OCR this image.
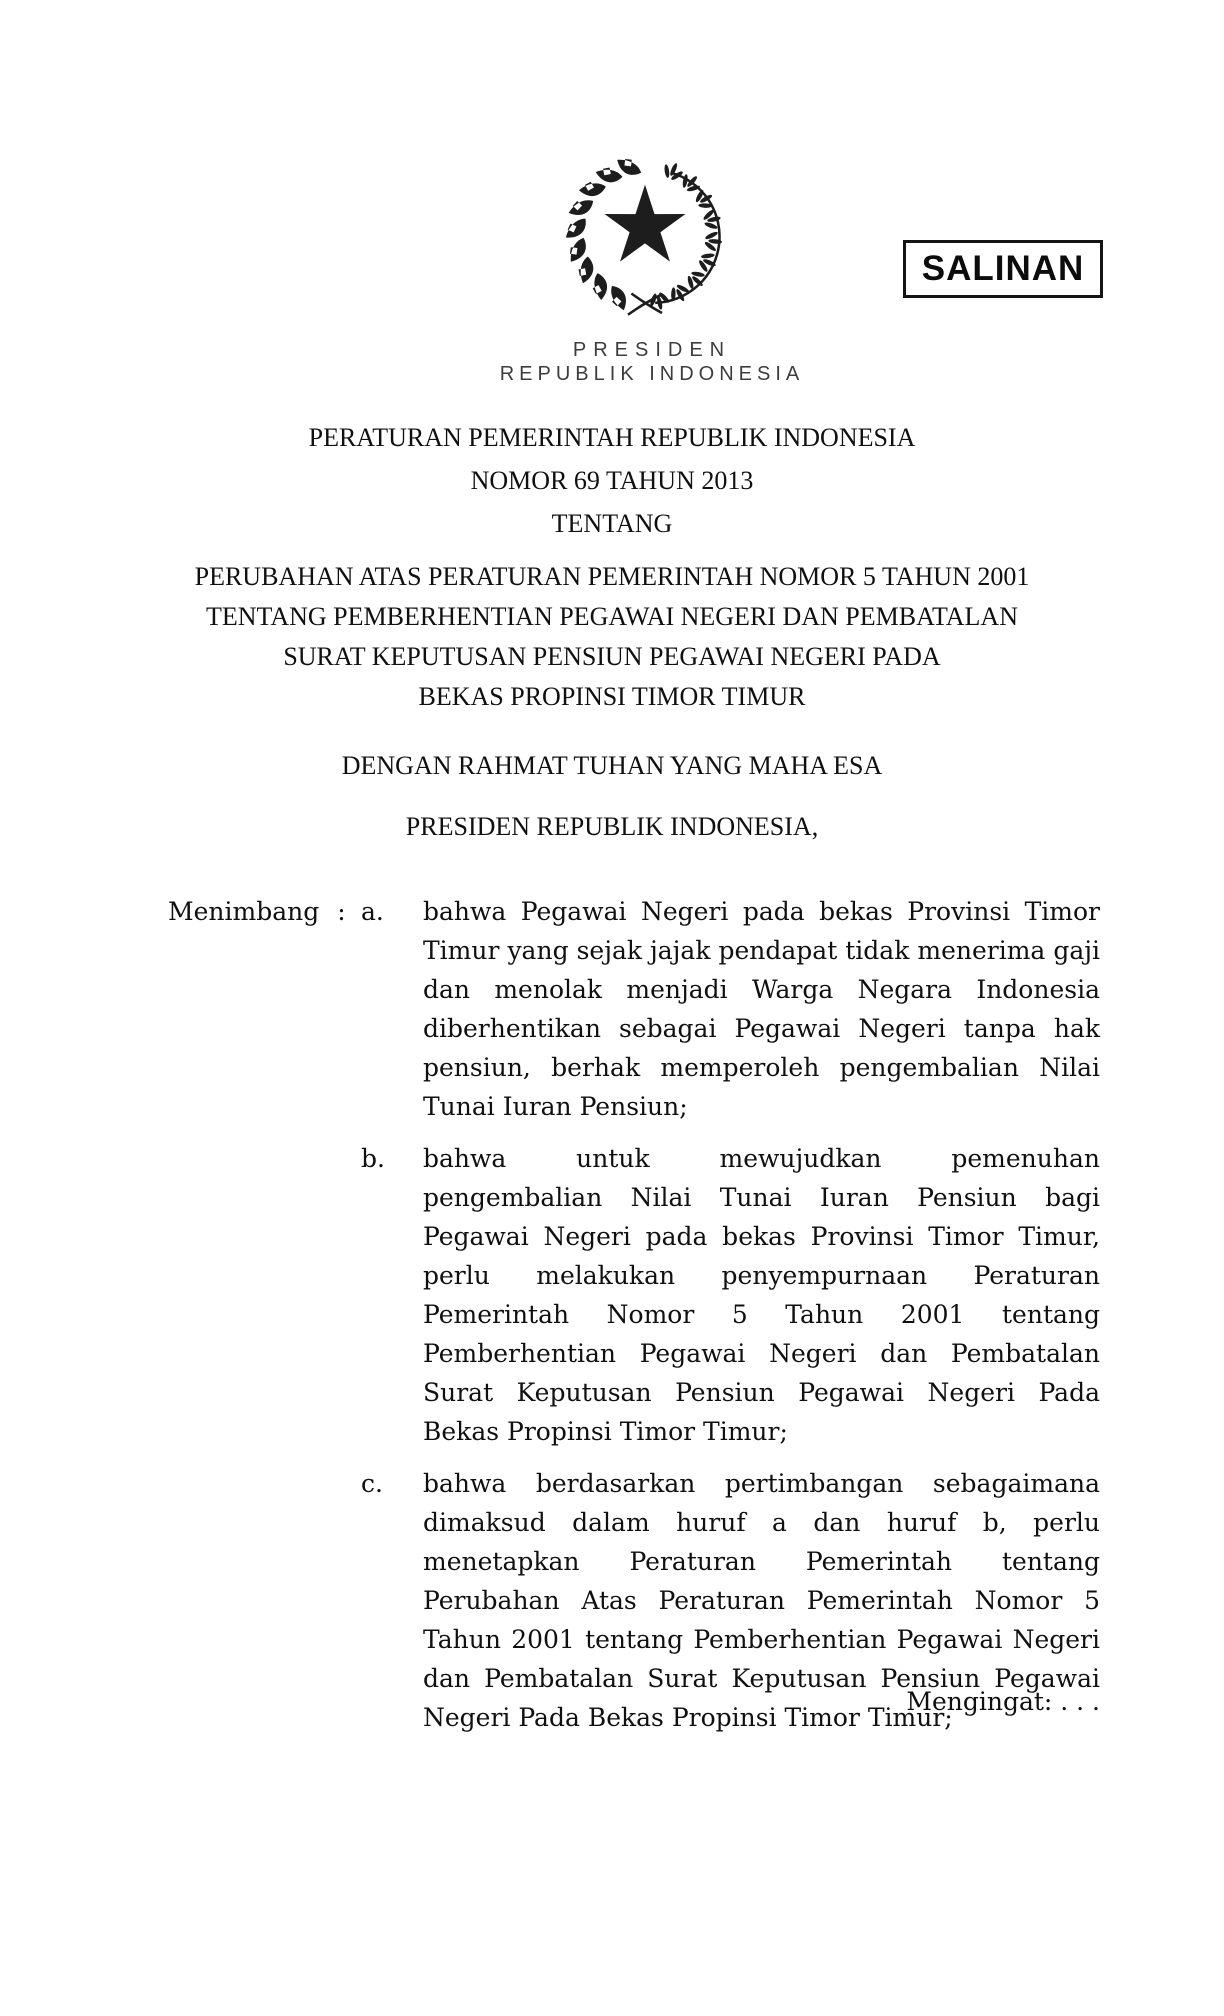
SALINAN
PRESIDEN
REPUBLIK INDONESIA
PERATURAN PEMERINTAH REPUBLIK INDONESIA
NOMOR 69 TAHUN 2013
TENTANG
PERUBAHAN ATAS PERATURAN PEMERINTAH NOMOR 5 TAHUN 2001
TENTANG PEMBERHENTIAN PEGAWAI NEGERI DAN PEMBATALAN
SURAT KEPUTUSAN PENSIUN PEGAWAI NEGERI PADA
BEKAS PROPINSI TIMOR TIMUR
DENGAN RAHMAT TUHAN YANG MAHA ESA
PRESIDEN REPUBLIK INDONESIA,
Menimbang : a.	bahwa Pegawai Negeri pada bekas Provinsi Timor Timur yang sejak jajak pendapat tidak menerima gaji dan menolak menjadi Warga Negara Indonesia diberhentikan sebagai Pegawai Negeri tanpa hak pensiun, berhak memperoleh pengembalian Nilai Tunai Iuran Pensiun;

b.	bahwa untuk mewujudkan pemenuhan pengembalian Nilai Tunai Iuran Pensiun bagi Pegawai Negeri pada bekas Provinsi Timor Timur, perlu melakukan penyempurnaan Peraturan Pemerintah Nomor 5 Tahun 2001 tentang Pemberhentian Pegawai Negeri dan Pembatalan Surat Keputusan Pensiun Pegawai Negeri Pada Bekas Propinsi Timor Timur;

c.	bahwa berdasarkan pertimbangan sebagaimana dimaksud dalam huruf a dan huruf b, perlu menetapkan Peraturan Pemerintah tentang Perubahan Atas Peraturan Pemerintah Nomor 5 Tahun 2001 tentang Pemberhentian Pegawai Negeri dan Pembatalan Surat Keputusan Pensiun Pegawai Negeri Pada Bekas Propinsi Timor Timur;

Mengingat: . . .
